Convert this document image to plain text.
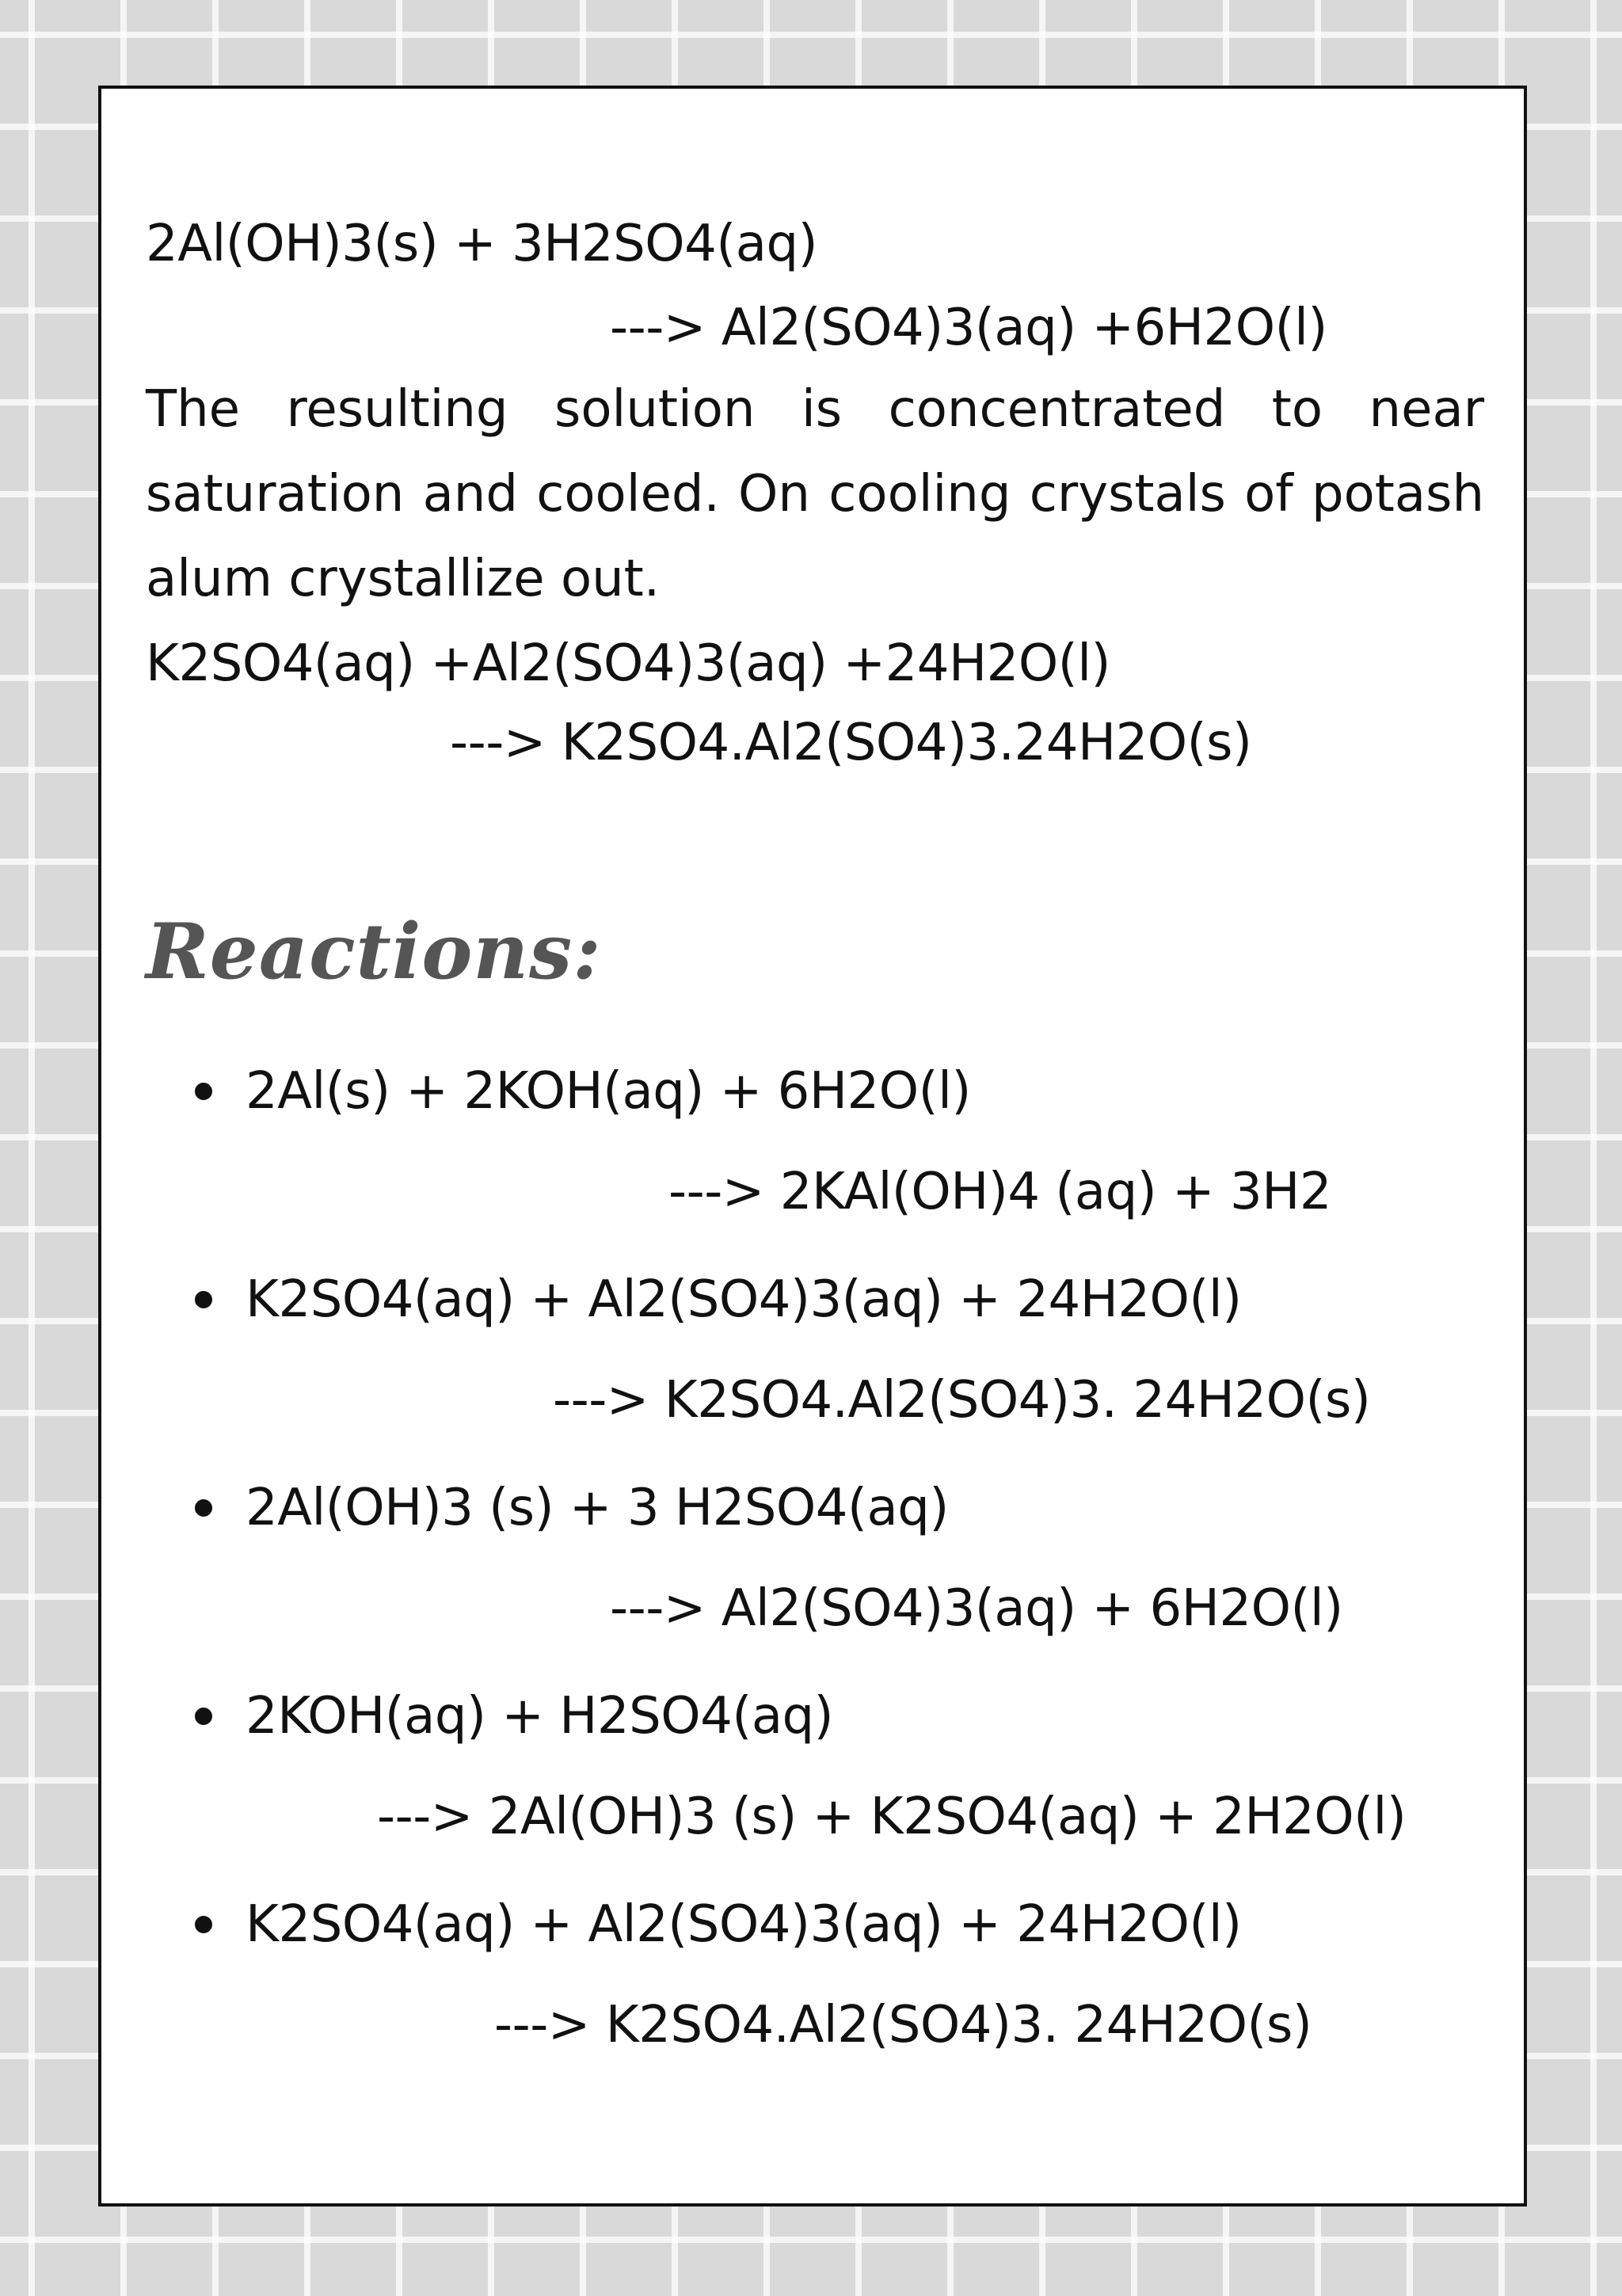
2Al(OH)3(s) + 3H2SO4(aq)
---> Al2(SO4)3(aq) +6H2O(l)
The resulting solution is concentrated to near saturation and cooled. On cooling crystals of potash alum crystallize out.
K2SO4(aq) +Al2(SO4)3(aq) +24H2O(l)
---> K2SO4.Al2(SO4)3.24H2O(s)
Reactions:
2Al(s) + 2KOH(aq) + 6H2O(l)
---> 2KAl(OH)4 (aq) + 3H2
K2SO4(aq) + Al2(SO4)3(aq) + 24H2O(l)
---> K2SO4.Al2(SO4)3. 24H2O(s)
2Al(OH)3 (s) + 3 H2SO4(aq)
---> Al2(SO4)3(aq) + 6H2O(l)
2KOH(aq) + H2SO4(aq)
---> 2Al(OH)3 (s) + K2SO4(aq) + 2H2O(l)
K2SO4(aq) + Al2(SO4)3(aq) + 24H2O(l)
---> K2SO4.Al2(SO4)3. 24H2O(s)
